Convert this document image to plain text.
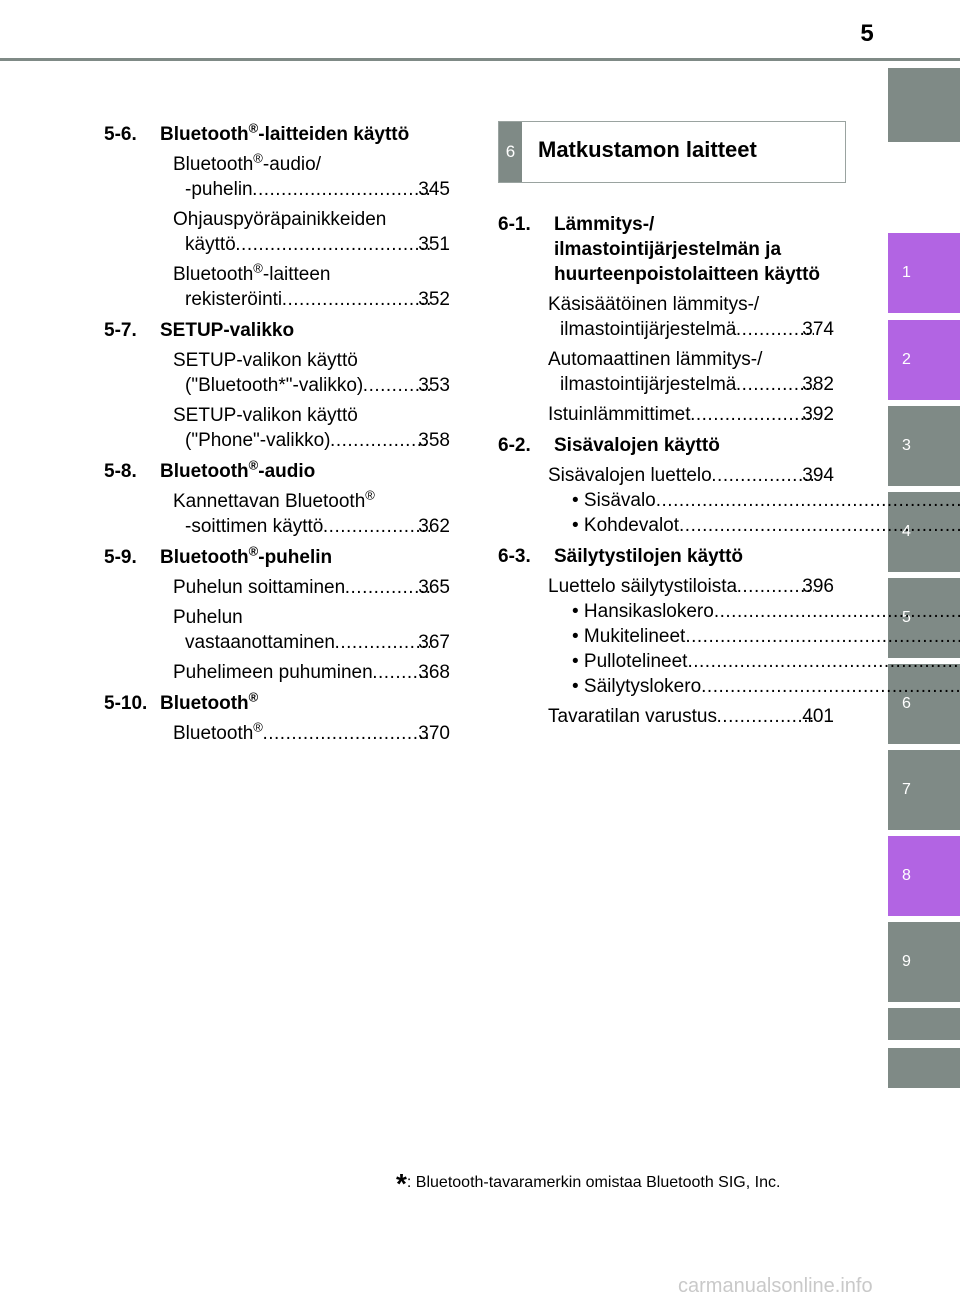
5
1
2
3
4
5
6
7
8
9
5-6.	Bluetooth®-laitteiden käyttö
Bluetooth®-audio/
-puhelin .....	345
Ohjauspyöräpainikkeiden
käyttö .....	351
Bluetooth®-laitteen
rekisteröinti .....	352
5-7.	SETUP-valikko
SETUP-valikon käyttö
("Bluetooth*"-valikko) .....	353
SETUP-valikon käyttö
("Phone"-valikko) .....	358
5-8.	Bluetooth®-audio
Kannettavan Bluetooth®
-soittimen käyttö .....	362
5-9.	Bluetooth®-puhelin
Puhelun soittaminen .....	365
Puhelun
vastaanottaminen .....	367
Puhelimeen puhuminen ..... 368
5-10. Bluetooth®
Bluetooth® .....	370
6	Matkustamon laitteet
6-1.	Lämmitys-/ ilmastointijärjestelmän ja huurteenpoistolaitteen käyttö
Käsisäätöinen lämmitys-/
ilmastointijärjestelmä .....	374
Automaattinen lämmitys-/
ilmastointijärjestelmä .....	382
Istuinlämmittimet .....	392
6-2.	Sisävalojen käyttö
Sisävalojen luettelo .....	394
• Sisävalo
.....
• Kohdevalot
.....
6-3.	Säilytystilojen käyttö
Luettelo säilytystiloista .....	396
• Hansikaslokero
.....
• Mukitelineet
.....
• Pullotelineet
.....
• Säilytyslokero
.....
Tavaratilan varustus .....	401
*: Bluetooth-tavaramerkin omistaa Bluetooth SIG, Inc.
carmanualsonline.info
